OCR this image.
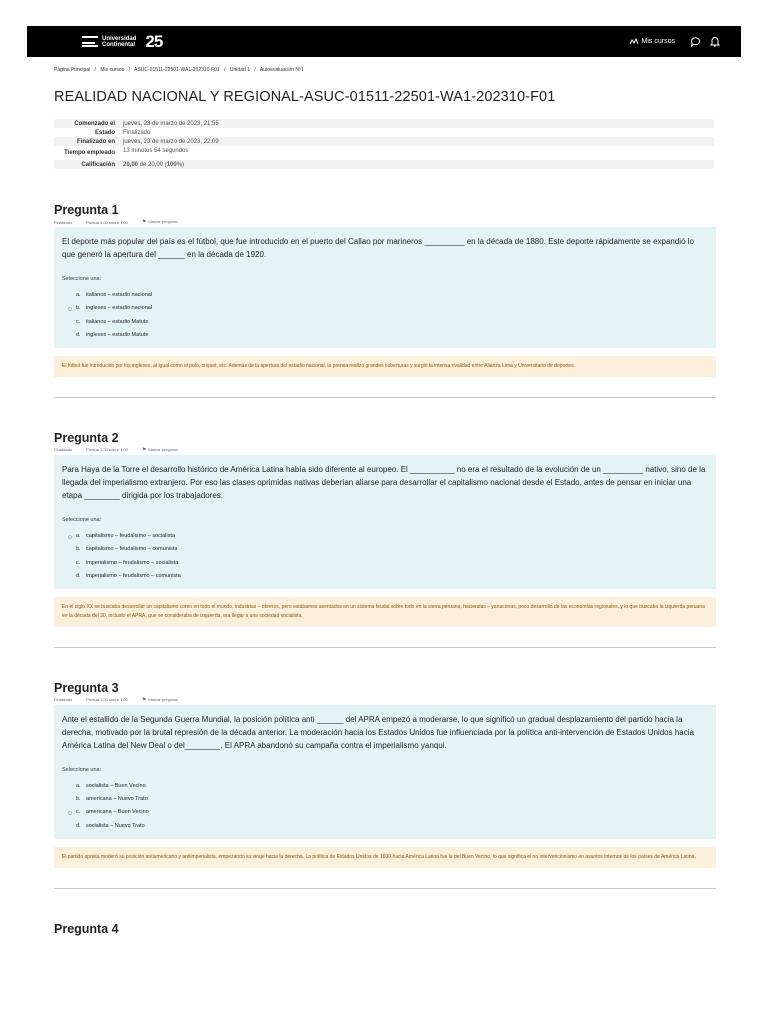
Universidad
Continental 25	Mis cursos
Página Principal / Mis cursos / ASUC-01511-22501-WA1-202310-F01 / Unidad 1 / Autoevaluación Nº1
REALIDAD NACIONAL Y REGIONAL-ASUC-01511-22501-WA1-202310-F01
Comenzado el	jueves, 23 de marzo de 2023, 21:55
Estado	Finalizado
Finalizado en	jueves, 23 de marzo de 2023, 22:09
Tiempo empleado	13 minutos 54 segundos
Calificación	20,00 de 20,00 (100%)
Pregunta 1
Finalizado	Puntúa 1,00 sobre 1,00	⚑ Marcar pregunta

El deporte más popular del país es el fútbol, que fue introducido en el puerto del Callao por marineros _________ en la década de 1880. Este deporte rápidamente se expandió lo que generó la apertura del ______ en la década de 1920.

Seleccione una:

a. italianos – estadio nacional
b. ingleses – estadio nacional
c.	italianos – estadio Matute
d. ingleses – estadio Matute
El fútbol fue introducido por los ingleses, al igual como el polo, criquet, etc. Además de la apertura del estadio nacional, la prensa realizó grandes coberturas y surgió la intensa rivalidad entre Alianza Lima y Universitario de deportes.
Pregunta 2
Finalizado	Puntúa 1,00 sobre 1,00	⚑ Marcar pregunta

Para Haya de la Torre el desarrollo histórico de América Latina había sido diferente al europeo. El __________ no era el resultado de la evolución de un _________ nativo, sino de la llegada del imperialismo extranjero. Por eso las clases oprimidas nativas deberían aliarse para desarrollar el capitalismo nacional desde el Estado, antes de pensar en iniciar una etapa ________ dirigida por los trabajadores.

Seleccione una:

a. capitalismo – feudalismo – socialista
b. capitalismo – feudalismo – comunista
c.	imperialismo – feudalismo – socialista
d. imperialismo – feudalismo – comunista
En el siglo XX se buscaba desarrollar un capitalismo como en todo el mundo, industrias – obreros, pero estábamos asentados en un sistema feudal sobre todo en la sierra peruana, haciendas – yanaconas, poco desarrollo de las economías regionales, y lo que buscaba la izquierda peruana en la década del 30, incluido el APRA, que se consideraba de izquierda, era llegar a una sociedad socialista.
Pregunta 3
Finalizado	Puntúa 1,00 sobre 1,00	⚑ Marcar pregunta

Ante el estallido de la Segunda Guerra Mundial, la posición política anti ______ del APRA empezó a moderarse, lo que significó un gradual desplazamiento del partido hacia la derecha, motivado por la brutal represión de la década anterior. La moderación hacia los Estados Unidos fue influenciada por la política anti-intervención de Estados Unidos hacia América Latina del New Deal o del________. El APRA abandonó su campaña contra el imperialismo yanqui.

Seleccione una:

a. socialista – Buen Vecino
b. americana – Nuevo Trato
c.	americana – Buen Vecino
d. socialista – Nuevo Trato
El partido aprista moderó su posición antiamericano y antiimperialista, empezando su viraje hacia la derecha. La política de Estados Unidos de 1930 hacia América Latina fue la del Buen Vecino, lo que significa el no intervencionismo en asuntos internos de los países de América Latina.
Pregunta 4
